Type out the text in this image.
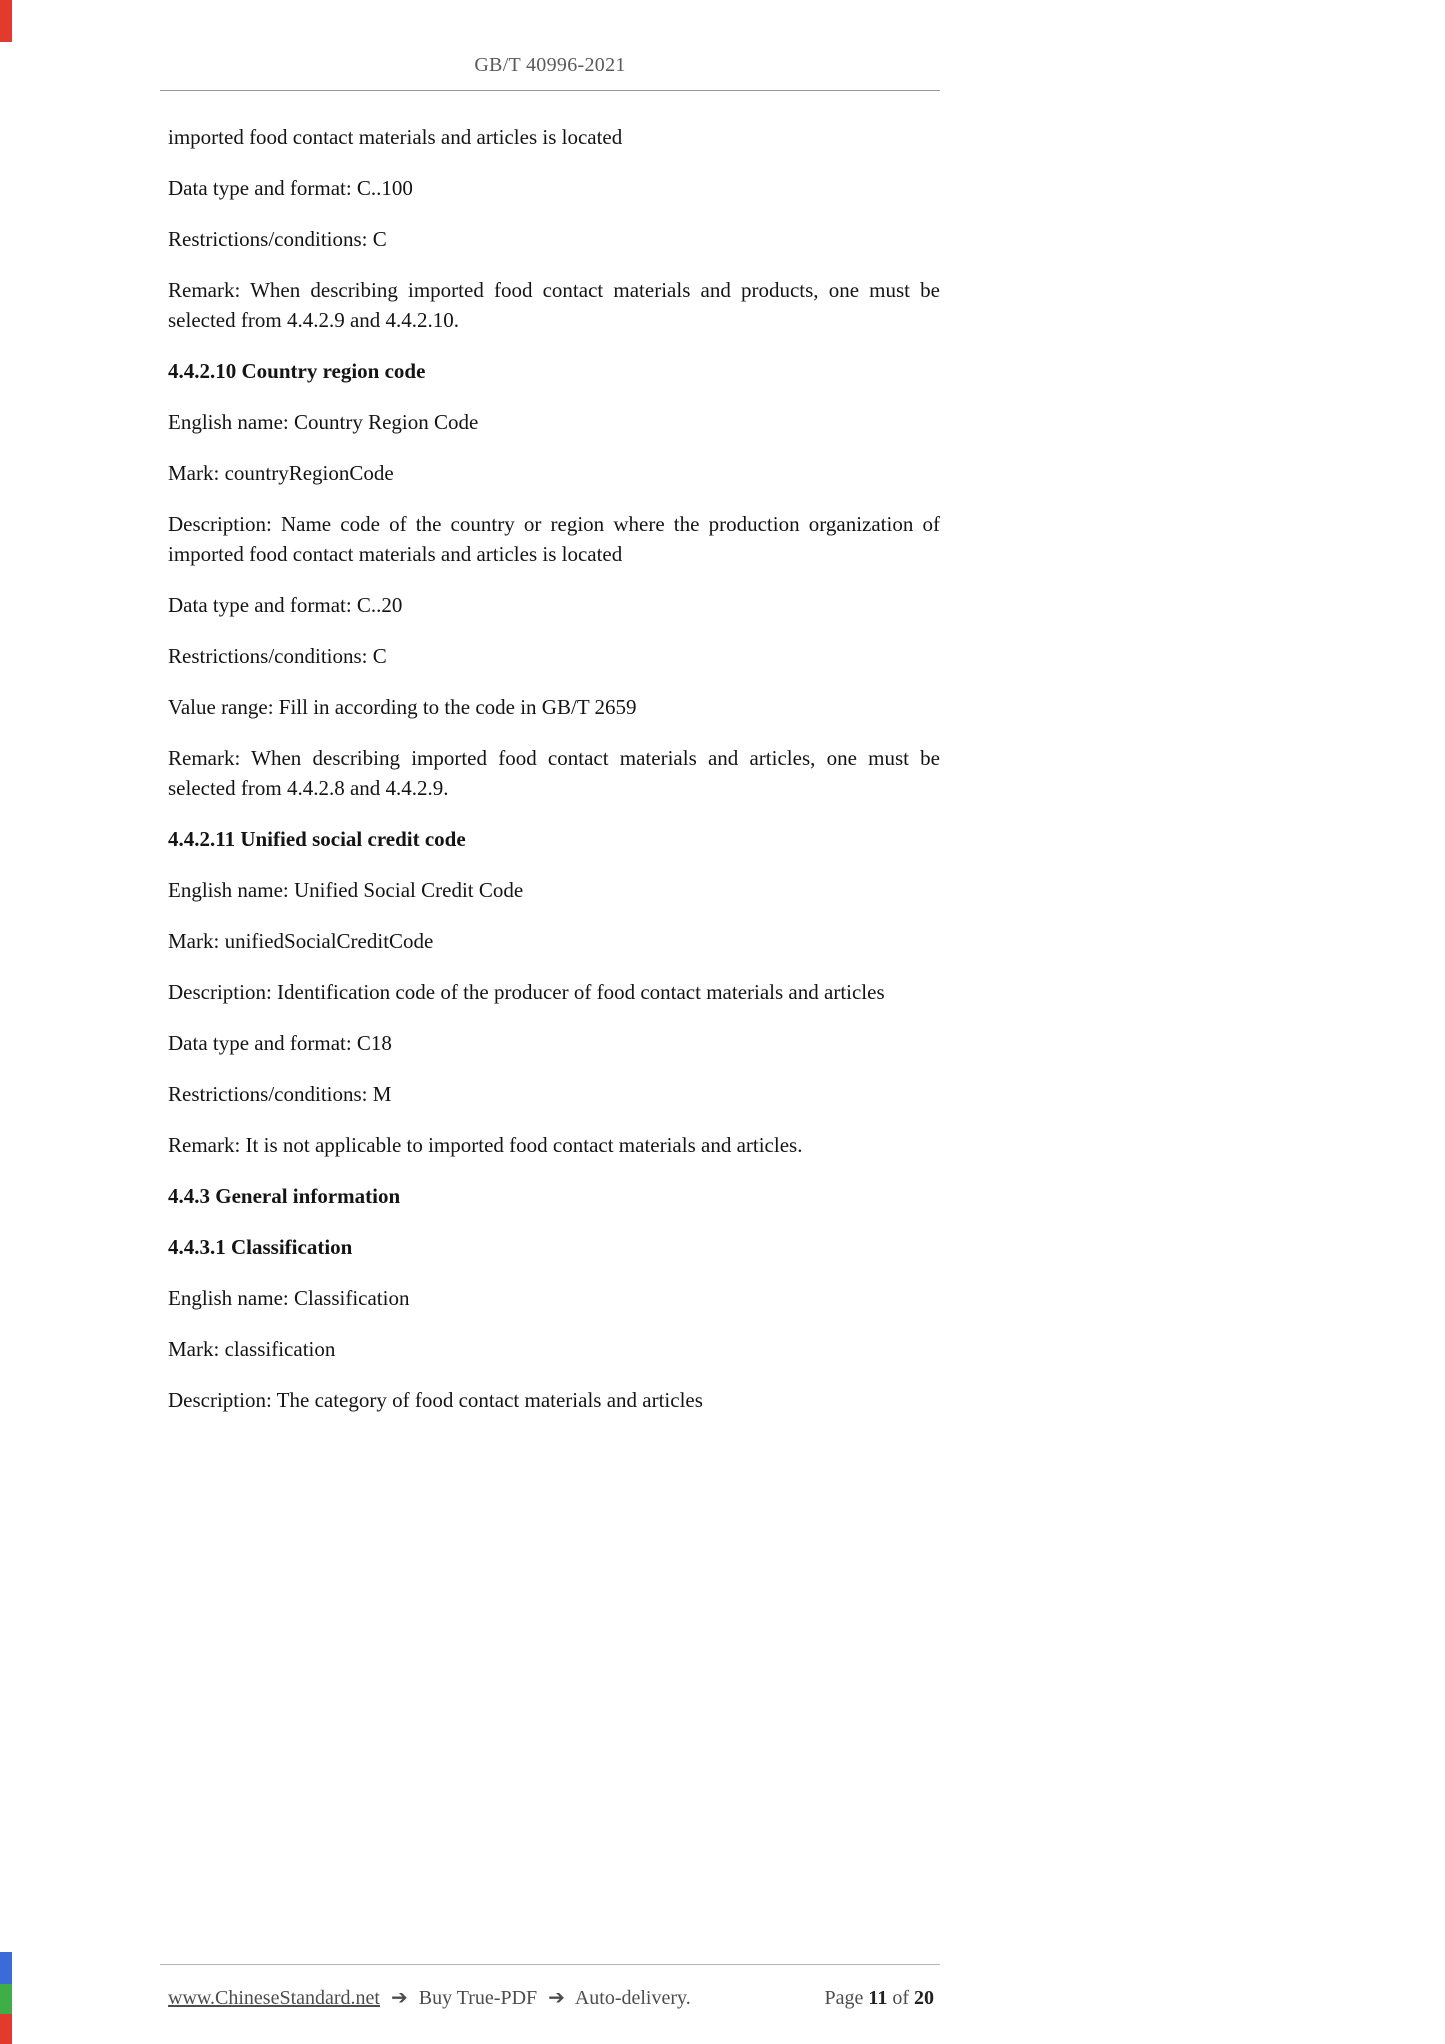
GB/T 40996-2021

imported food contact materials and articles is located

Data type and format: C..100

Restrictions/conditions: C

Remark: When describing imported food contact materials and products, one must be selected from 4.4.2.9 and 4.4.2.10.

4.4.2.10 Country region code

English name: Country Region Code

Mark: countryRegionCode

Description: Name code of the country or region where the production organization of imported food contact materials and articles is located

Data type and format: C..20

Restrictions/conditions: C

Value range: Fill in according to the code in GB/T 2659

Remark: When describing imported food contact materials and articles, one must be selected from 4.4.2.8 and 4.4.2.9.

4.4.2.11 Unified social credit code

English name: Unified Social Credit Code

Mark: unifiedSocialCreditCode

Description: Identification code of the producer of food contact materials and articles

Data type and format: C18

Restrictions/conditions: M

Remark: It is not applicable to imported food contact materials and articles.

4.4.3 General information

4.4.3.1 Classification

English name: Classification

Mark: classification

Description: The category of food contact materials and articles

www.ChineseStandard.net ➔ Buy True-PDF ➔ Auto-delivery.	Page 11 of 20
